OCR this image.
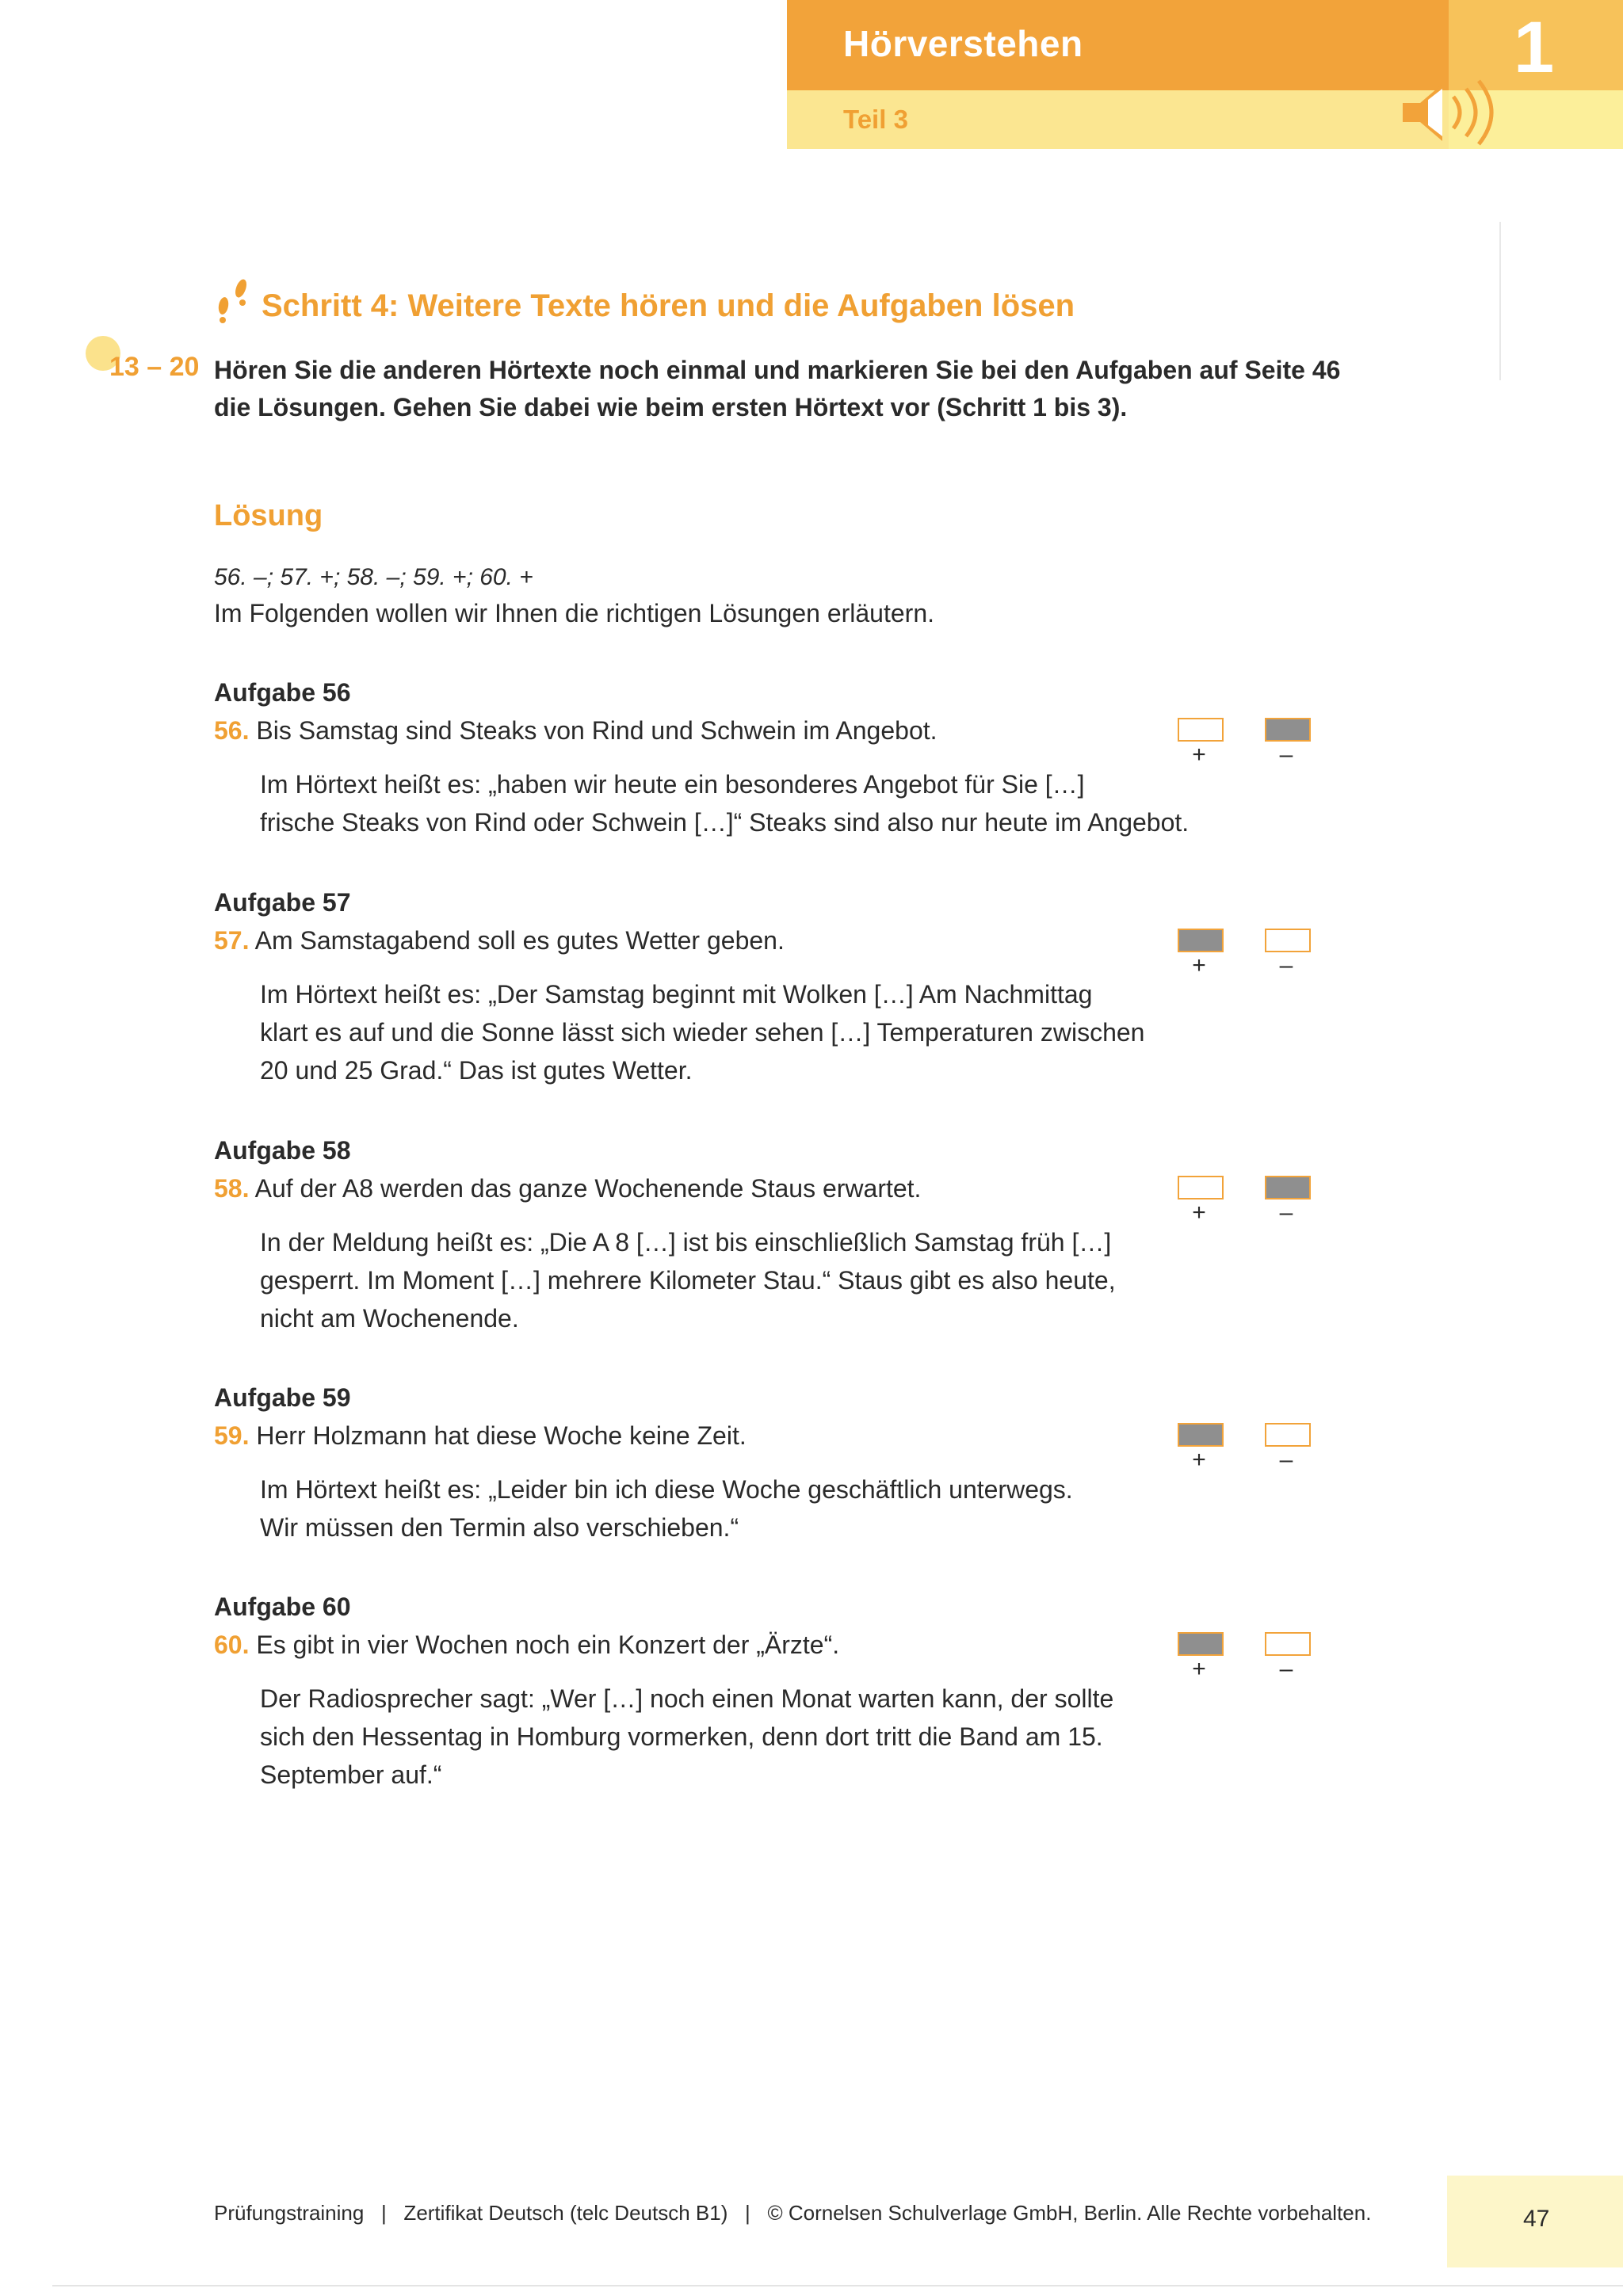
Hörverstehen
Teil 3
1
Schritt 4: Weitere Texte hören und die Aufgaben lösen
13 – 20 Hören Sie die anderen Hörtexte noch einmal und markieren Sie bei den Aufgaben auf Seite 46
die Lösungen. Gehen Sie dabei wie beim ersten Hörtext vor (Schritt 1 bis 3).
Lösung
56. –; 57. +; 58. –; 59. +; 60. +
Im Folgenden wollen wir Ihnen die richtigen Lösungen erläutern.
Aufgabe 56
56. Bis Samstag sind Steaks von Rind und Schwein im Angebot.
Im Hörtext heißt es: „haben wir heute ein besonderes Angebot für Sie […]
frische Steaks von Rind oder Schwein […]“ Steaks sind also nur heute im Angebot.
+	–
Aufgabe 57
57. Am Samstagabend soll es gutes Wetter geben.
Im Hörtext heißt es: „Der Samstag beginnt mit Wolken […] Am Nachmittag
klart es auf und die Sonne lässt sich wieder sehen […] Temperaturen zwischen
20 und 25 Grad.“ Das ist gutes Wetter.
+	–
Aufgabe 58
58. Auf der A8 werden das ganze Wochenende Staus erwartet.
In der Meldung heißt es: „Die A 8 […] ist bis einschließlich Samstag früh […]
gesperrt. Im Moment […] mehrere Kilometer Stau.“ Staus gibt es also heute,
nicht am Wochenende.
+	–
Aufgabe 59
59. Herr Holzmann hat diese Woche keine Zeit.
Im Hörtext heißt es: „Leider bin ich diese Woche geschäftlich unterwegs.
Wir müssen den Termin also verschieben.“
+	–
Aufgabe 60
60. Es gibt in vier Wochen noch ein Konzert der „Ärzte“.
Der Radiosprecher sagt: „Wer […] noch einen Monat warten kann, der sollte
sich den Hessentag in Homburg vormerken, denn dort tritt die Band am 15.
September auf.“
+	–
Prüfungstraining   |   Zertifikat Deutsch (telc Deutsch B1)   |   © Cornelsen Schulverlage GmbH, Berlin. Alle Rechte vorbehalten.	47
